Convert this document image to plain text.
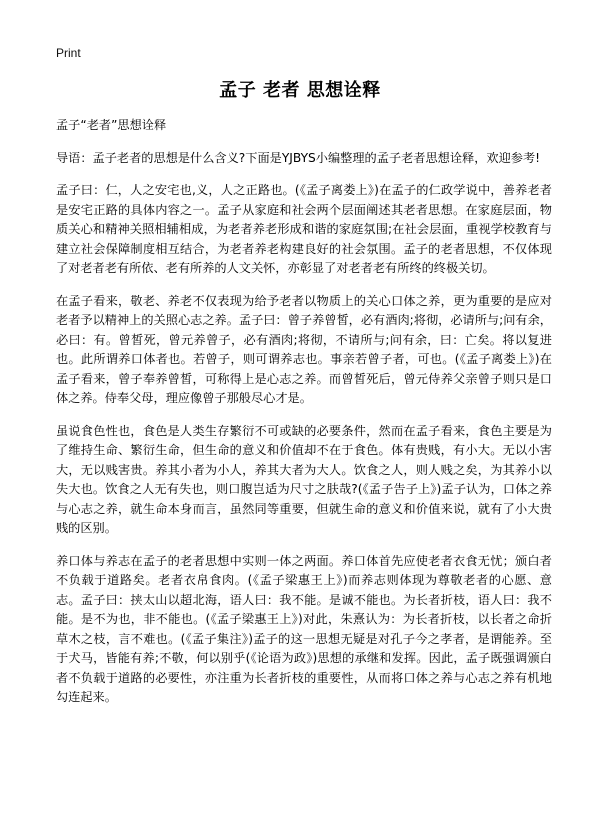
Print
孟子 老者 思想诠释

孟子“老者”思想诠释

导语：孟子老者的思想是什么含义?下面是YJBYS小编整理的孟子老者思想诠释，欢迎参考!

孟子曰：仁，人之安宅也,义，人之正路也。(《孟子离娄上》)在孟子的仁政学说中，善养老者是安宅正路的具体内容之一。孟子从家庭和社会两个层面阐述其老者思想。在家庭层面，物质关心和精神关照相辅相成，为老者养老形成和谐的家庭氛围;在社会层面，重视学校教育与建立社会保障制度相互结合，为老者养老构建良好的社会氛围。孟子的老者思想，不仅体现了对老者老有所依、老有所养的人文关怀，亦彰显了对老者老有所终的终极关切。

在孟子看来，敬老、养老不仅表现为给予老者以物质上的关心口体之养，更为重要的是应对老者予以精神上的关照心志之养。孟子曰：曾子养曾皙，必有酒肉;将彻，必请所与;问有余，必曰：有。曾皙死，曾元养曾子，必有酒肉;将彻，不请所与;问有余，曰：亡矣。将以复进也。此所谓养口体者也。若曾子，则可谓养志也。事亲若曾子者，可也。(《孟子离娄上》)在孟子看来，曾子奉养曾皙，可称得上是心志之养。而曾皙死后，曾元侍养父亲曾子则只是口体之养。侍奉父母，理应像曾子那般尽心才是。

虽说食色性也，食色是人类生存繁衍不可或缺的必要条件，然而在孟子看来，食色主要是为了维持生命、繁衍生命，但生命的意义和价值却不在于食色。体有贵贱，有小大。无以小害大，无以贱害贵。养其小者为小人，养其大者为大人。饮食之人，则人贱之矣，为其养小以失大也。饮食之人无有失也，则口腹岂适为尺寸之肤哉?(《孟子告子上》)孟子认为，口体之养与心志之养，就生命本身而言，虽然同等重要，但就生命的意义和价值来说，就有了小大贵贱的区别。

养口体与养志在孟子的老者思想中实则一体之两面。养口体首先应使老者衣食无忧；颁白者不负载于道路矣。老者衣帛食肉。(《孟子梁惠王上》)而养志则体现为尊敬老者的心愿、意志。孟子曰：挟太山以超北海，语人曰：我不能。是诚不能也。为长者折枝，语人曰：我不能。是不为也，非不能也。(《孟子梁惠王上》)对此，朱熹认为：为长者折枝，以长者之命折草木之枝，言不难也。(《孟子集注》)孟子的这一思想无疑是对孔子今之孝者，是谓能养。至于犬马，皆能有养;不敬，何以别乎(《论语为政》)思想的承继和发挥。因此，孟子既强调颁白者不负载于道路的必要性，亦注重为长者折枝的重要性，从而将口体之养与心志之养有机地勾连起来。
